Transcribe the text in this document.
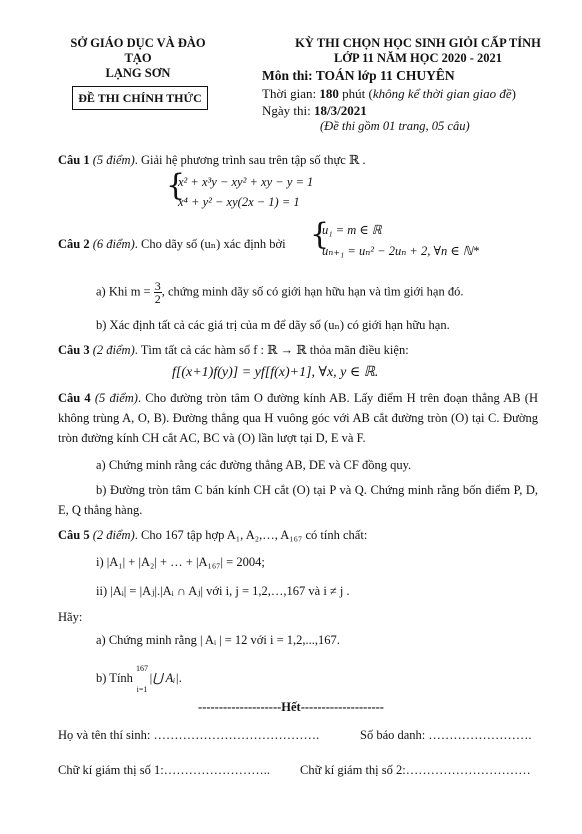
SỞ GIÁO DỤC VÀ ĐÀO TẠO
LẠNG SƠN
KỲ THI CHỌN HỌC SINH GIỎI CẤP TỈNH
LỚP 11 NĂM HỌC 2020 - 2021
ĐỀ THI CHÍNH THỨC
Môn thi: TOÁN lớp 11 CHUYÊN
Thời gian: 180 phút (không kể thời gian giao đề)
Ngày thi: 18/3/2021
(Đề thi gồm 01 trang, 05 câu)
Câu 1 (5 điểm). Giải hệ phương trình sau trên tập số thực ℝ .
{
x² + x³y − xy² + xy − y = 1
x⁴ + y² − xy(2x − 1) = 1
Câu 2 (6 điểm). Cho dãy số (uₙ) xác định bởi {
u₁ = m ∈ ℝ
uₙ₊₁ = uₙ² − 2uₙ + 2, ∀n ∈ ℕ*
a) Khi $m = \frac{3}{2}$ , chứng minh dãy số có giới hạn hữu hạn và tìm giới hạn đó.
b) Xác định tất cả các giá trị của m để dãy số (uₙ) có giới hạn hữu hạn.
Câu 3 (2 điểm). Tìm tất cả các hàm số f : ℝ → ℝ thỏa mãn điều kiện:
f[(x+1)f(y)] = yf[f(x)+1], ∀x, y ∈ ℝ.
Câu 4 (5 điểm). Cho đường tròn tâm O đường kính AB. Lấy điểm H trên đoạn thẳng AB (H không trùng A, O, B). Đường thẳng qua H vuông góc với AB cắt đường tròn (O) tại C. Đường tròn đường kính CH cắt AC, BC và (O) lần lượt tại D, E và F.
a) Chứng minh rằng các đường thẳng AB, DE và CF đồng quy.
b) Đường tròn tâm C bán kính CH cắt (O) tại P và Q. Chứng minh rằng bốn điểm P, D, E, Q thẳng hàng.
Câu 5 (2 điểm). Cho 167 tập hợp A₁, A₂,…, A₁₆₇ có tính chất:
i) |A₁| + |A₂| + … + |A₁₆₇| = 2004;
ii) |Aᵢ| = |Aⱼ|.|Aᵢ ∩ Aⱼ| với i, j = 1,2,…,167 và i ≠ j .
Hãy:
a) Chứng minh rằng | Aᵢ | = 12 với i = 1,2,...,167.
b) Tính
167
i=1
|⋃ Aᵢ|.
--------------------Hết--------------------
Họ và tên thí sinh: ………………………………….	Số báo danh: …………………….
Chữ kí giám thị số 1:…………………….. Chữ kí giám thị số 2:…………………………
